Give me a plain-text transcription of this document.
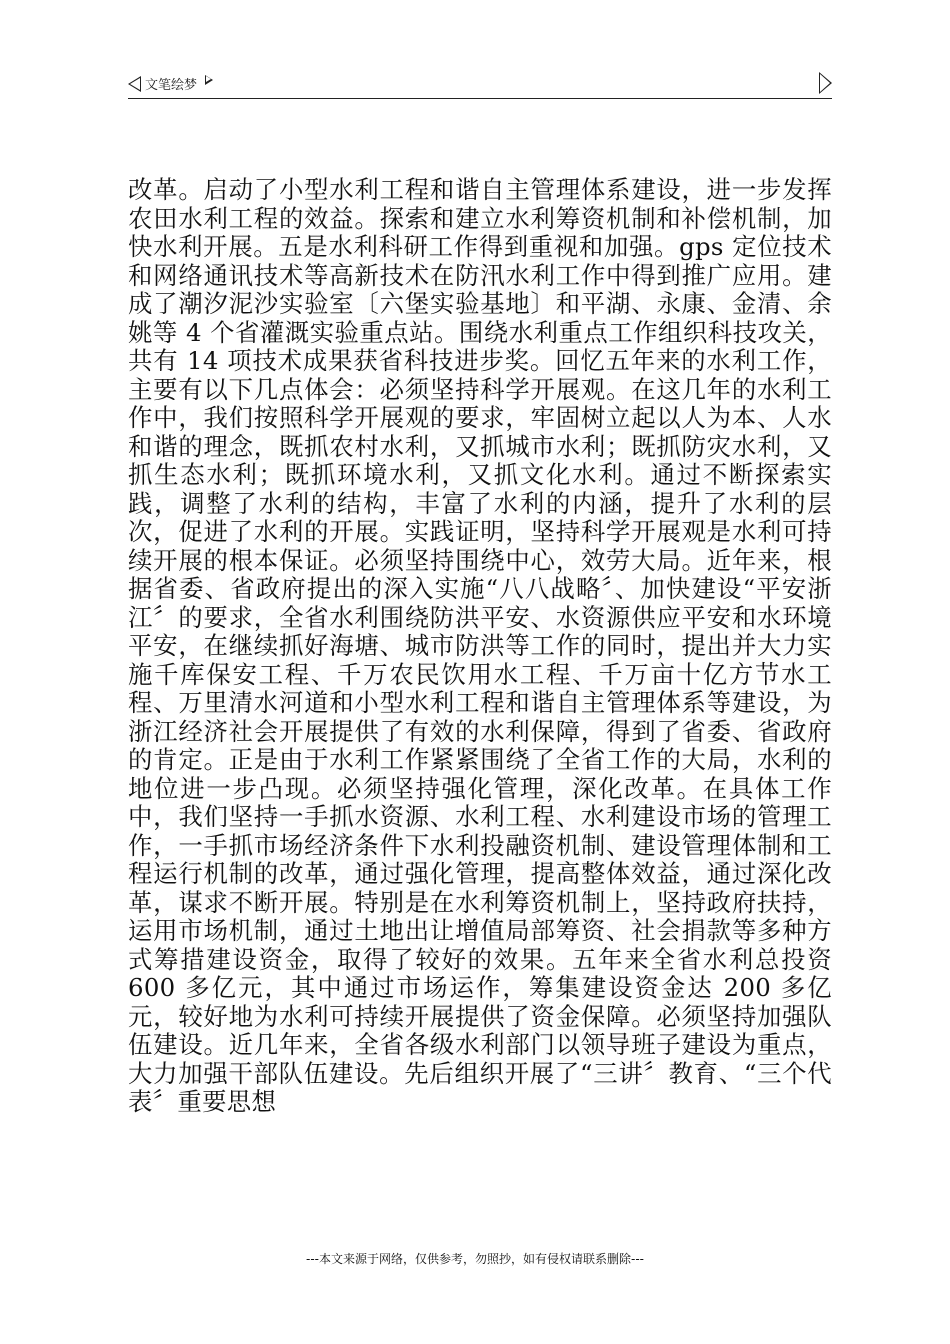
文笔绘梦

改革。启动了小型水利工程和谐自主管理体系建设，进一步发挥农田水利工程的效益。探索和建立水利筹资机制和补偿机制，加快水利开展。五是水利科研工作得到重视和加强。gps 定位技术和网络通讯技术等高新技术在防汛水利工作中得到推广应用。建成了潮汐泥沙实验室〔六堡实验基地〕和平湖、永康、金清、余姚等 4 个省灌溉实验重点站。围绕水利重点工作组织科技攻关，共有 14 项技术成果获省科技进步奖。回忆五年来的水利工作，主要有以下几点体会：必须坚持科学开展观。在这几年的水利工作中，我们按照科学开展观的要求，牢固树立起以人为本、人水和谐的理念，既抓农村水利，又抓城市水利；既抓防灾水利，又抓生态水利；既抓环境水利，又抓文化水利。通过不断探索实践，调整了水利的结构，丰富了水利的内涵，提升了水利的层次，促进了水利的开展。实践证明，坚持科学开展观是水利可持续开展的根本保证。必须坚持围绕中心，效劳大局。近年来，根据省委、省政府提出的深入实施“八八战略〞、加快建设“平安浙江〞的要求，全省水利围绕防洪平安、水资源供应平安和水环境平安，在继续抓好海塘、城市防洪等工作的同时，提出并大力实施千库保安工程、千万农民饮用水工程、千万亩十亿方节水工程、万里清水河道和小型水利工程和谐自主管理体系等建设，为浙江经济社会开展提供了有效的水利保障，得到了省委、省政府的肯定。正是由于水利工作紧紧围绕了全省工作的大局，水利的地位进一步凸现。必须坚持强化管理，深化改革。在具体工作中，我们坚持一手抓水资源、水利工程、水利建设市场的管理工作，一手抓市场经济条件下水利投融资机制、建设管理体制和工程运行机制的改革，通过强化管理，提高整体效益，通过深化改革，谋求不断开展。特别是在水利筹资机制上，坚持政府扶持，运用市场机制，通过土地出让增值局部筹资、社会捐款等多种方式筹措建设资金，取得了较好的效果。五年来全省水利总投资 600 多亿元，其中通过市场运作，筹集建设资金达 200 多亿元，较好地为水利可持续开展提供了资金保障。必须坚持加强队伍建设。近几年来，全省各级水利部门以领导班子建设为重点，大力加强干部队伍建设。先后组织开展了“三讲〞教育、“三个代表〞重要思想

---本文来源于网络，仅供参考，勿照抄，如有侵权请联系删除---
